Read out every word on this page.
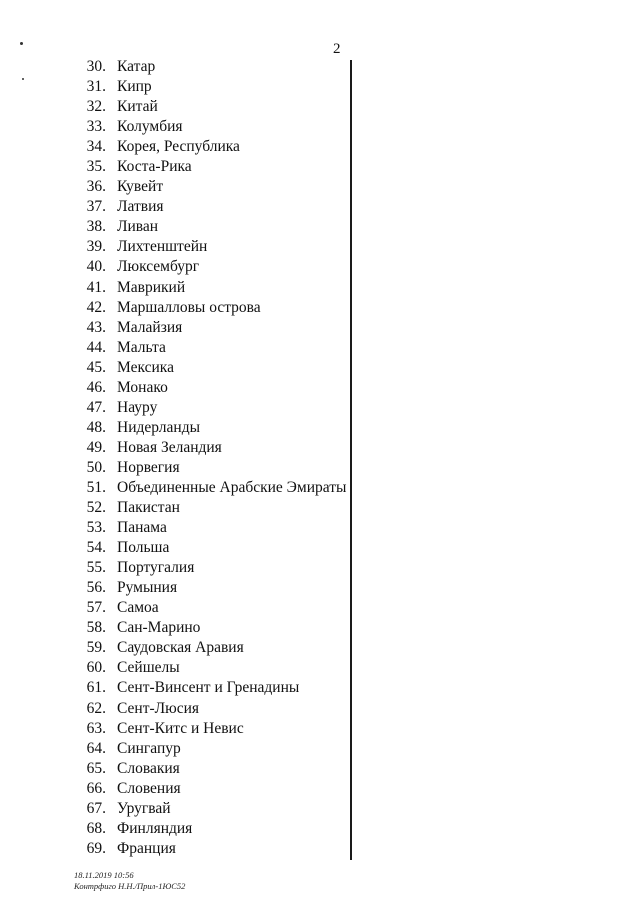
2
30. Катар
31. Кипр
32. Китай
33. Колумбия
34. Корея, Республика
35. Коста-Рика
36. Кувейт
37. Латвия
38. Ливан
39. Лихтенштейн
40. Люксембург
41. Маврикий
42. Маршалловы острова
43. Малайзия
44. Мальта
45. Мексика
46. Монако
47. Науру
48. Нидерланды
49. Новая Зеландия
50. Норвегия
51. Объединенные Арабские Эмираты
52. Пакистан
53. Панама
54. Польша
55. Португалия
56. Румыния
57. Самоа
58. Сан-Марино
59. Саудовская Аравия
60. Сейшелы
61. Сент-Винсент и Гренадины
62. Сент-Люсия
63. Сент-Китс и Невис
64. Сингапур
65. Словакия
66. Словения
67. Уругвай
68. Финляндия
69. Франция
18.11.2019 10:56
Контрфиго Н.Н./Прил-1ЮС52
